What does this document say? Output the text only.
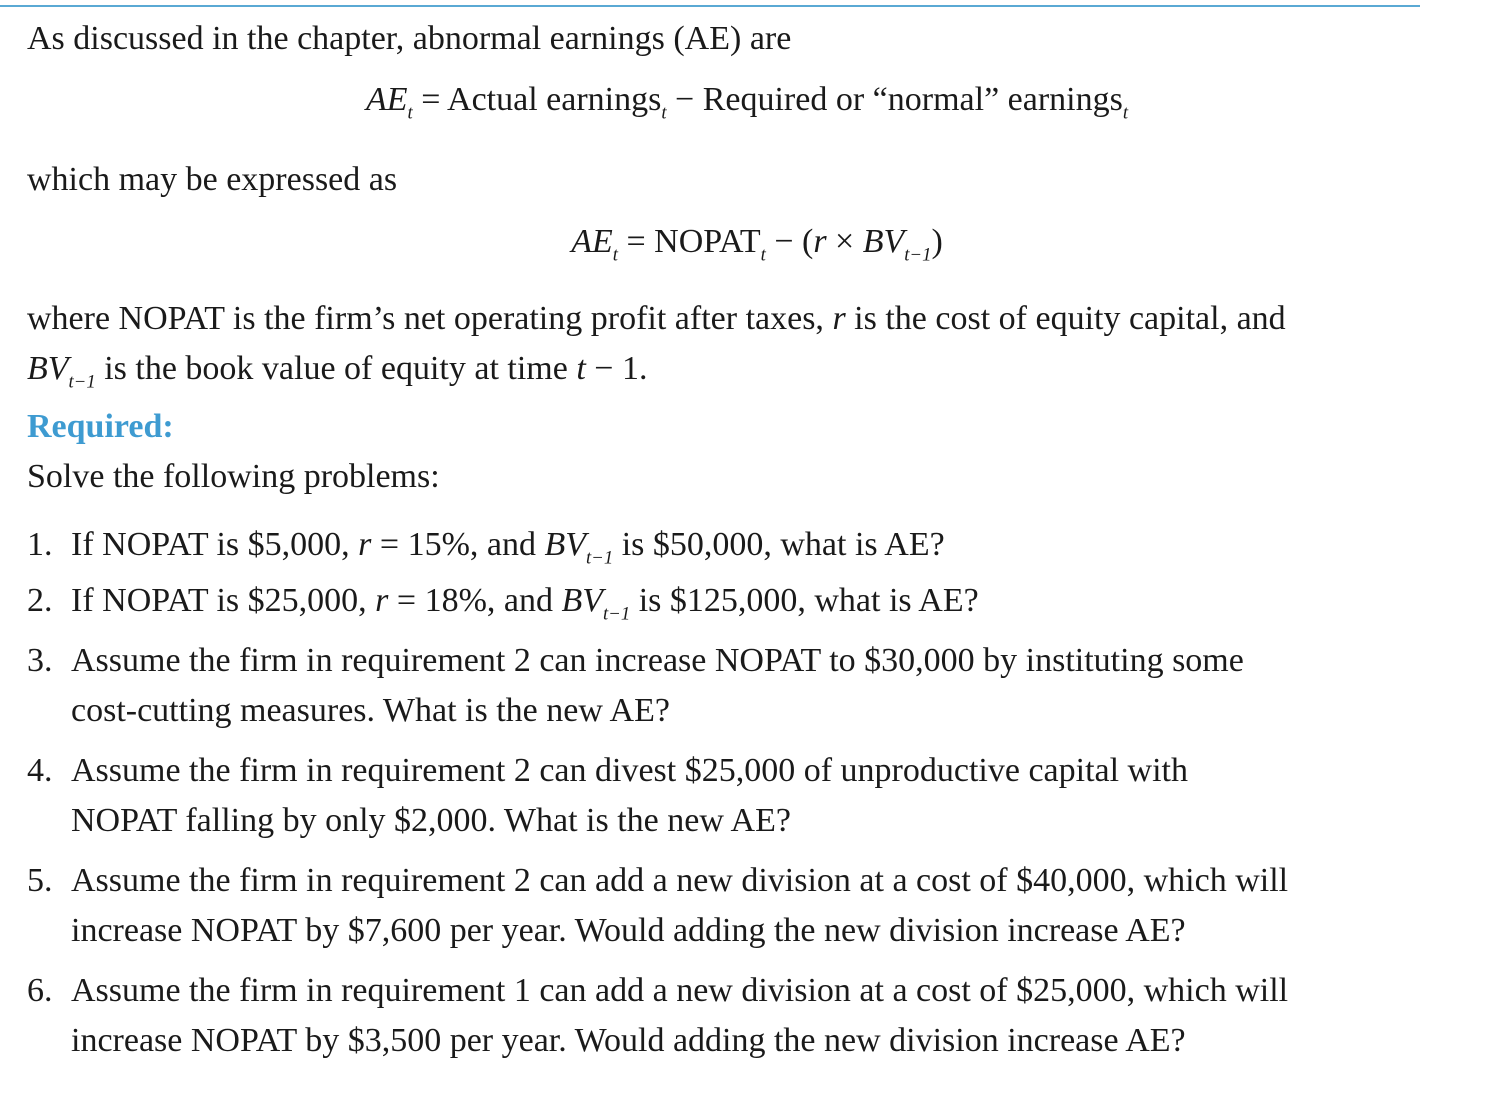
As discussed in the chapter, abnormal earnings (AE) are

$AE_t$ = Actual earnings$_t$ − Required or “normal” earnings$_t$

which may be expressed as

$AE_t$ = $NOPAT_t - (r \times BV_{t-1})$

where NOPAT is the firm’s net operating profit after taxes, r is the cost of equity capital, and
$BV_{t-1}$ is the book value of equity at time t − 1.

Required:

Solve the following problems:

1. If NOPAT is $5,000, r = 15%, and $BV_{t-1}$ is $50,000, what is AE?
2. If NOPAT is $25,000, r = 18%, and $BV_{t-1}$ is $125,000, what is AE?
3. Assume the firm in requirement 2 can increase NOPAT to $30,000 by instituting some
cost-cutting measures. What is the new AE?
4. Assume the firm in requirement 2 can divest $25,000 of unproductive capital with
NOPAT falling by only $2,000. What is the new AE?
5. Assume the firm in requirement 2 can add a new division at a cost of $40,000, which will
increase NOPAT by $7,600 per year. Would adding the new division increase AE?
6. Assume the firm in requirement 1 can add a new division at a cost of $25,000, which will
increase NOPAT by $3,500 per year. Would adding the new division increase AE?
